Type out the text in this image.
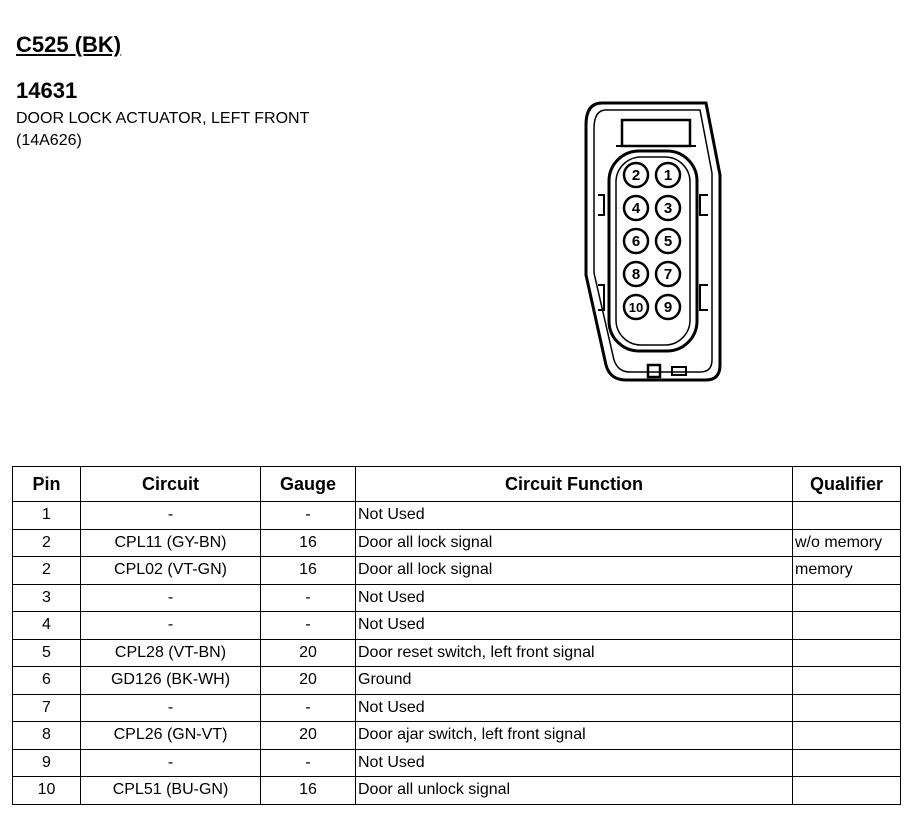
C525 (BK)
14631
DOOR LOCK ACTUATOR, LEFT FRONT
(14A626)
2 1
4 3
6 5
8 7
10 9
Pin	Circuit	Gauge	Circuit Function	Qualifier
1	-	-	Not Used	
2	CPL11 (GY-BN)	16	Door all lock signal	w/o memory
2	CPL02 (VT-GN)	16	Door all lock signal	memory
3	-	-	Not Used	
4	-	-	Not Used	
5	CPL28 (VT-BN)	20	Door reset switch, left front signal	
6	GD126 (BK-WH)	20	Ground	
7	-	-	Not Used	
8	CPL26 (GN-VT)	20	Door ajar switch, left front signal	
9	-	-	Not Used	
10	CPL51 (BU-GN)	16	Door all unlock signal	
